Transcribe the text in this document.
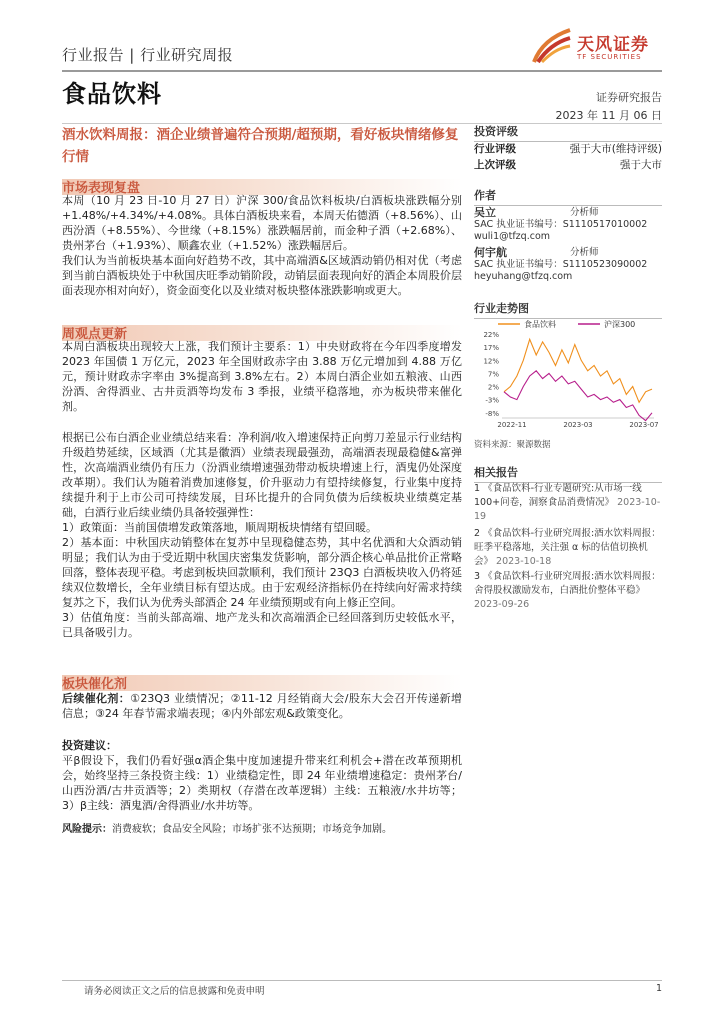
行业报告 | 行业研究周报	天风证券
TF SECURITIES
食品饮料	证券研究报告
2023 年 11 月 06 日
酒水饮料周报：酒企业绩普遍符合预期/超预期，看好板块情绪修复行情
市场表现复盘

本周（10 月 23 日-10 月 27 日）沪深 300/食品饮料板块/白酒板块涨跌幅分别+1.48%/+4.34%/+4.08%。具体白酒板块来看，本周天佑德酒（+8.56%）、山西汾酒（+8.55%）、今世缘（+8.15%）涨跌幅居前，而金种子酒（+2.68%）、贵州茅台（+1.93%）、顺鑫农业（+1.52%）涨跌幅居后。

我们认为当前板块基本面向好趋势不改，其中高端酒&区域酒动销仍相对优（考虑到当前白酒板块处于中秋国庆旺季动销阶段，动销层面表现向好的酒企本周股价层面表现亦相对向好），资金面变化以及业绩对板块整体涨跌影响或更大。

周观点更新

本周白酒板块出现较大上涨，我们预计主要系：1）中央财政将在今年四季度增发 2023 年国债 1 万亿元，2023 年全国财政赤字由 3.88 万亿元增加到 4.88 万亿元，预计财政赤字率由 3%提高到 3.8%左右。2）本周白酒企业如五粮液、山西汾酒、舍得酒业、古井贡酒等均发布 3 季报，业绩平稳落地，亦为板块带来催化剂。

根据已公布白酒企业业绩总结来看：净利润/收入增速保持正向剪刀差显示行业结构升级趋势延续，区域酒（尤其是徽酒）业绩表现最强劲，高端酒表现最稳健&富弹性，次高端酒业绩仍有压力（汾酒业绩增速强劲带动板块增速上行，酒鬼仍处深度改革期）。我们认为随着消费加速修复，价升驱动力有望持续修复，行业集中度持续提升利于上市公司可持续发展，目环比提升的合同负债为后续板块业绩奠定基础，白酒行业后续业绩仍具备较强弹性：

1）政策面：当前国债增发政策落地，顺周期板块情绪有望回暖。

2）基本面：中秋国庆动销整体在复苏中呈现稳健态势，其中名优酒和大众酒动销明显；我们认为由于受近期中秋国庆密集发货影响，部分酒企核心单品批价正常略回落，整体表现平稳。考虑到板块回款顺利，我们预计 23Q3 白酒板块收入仍将延续双位数增长，全年业绩目标有望达成。由于宏观经济指标仍在持续向好需求持续复苏之下，我们认为优秀头部酒企 24 年业绩预期或有向上修正空间。

3）估值角度：当前头部高端、地产龙头和次高端酒企已经回落到历史较低水平，已具备吸引力。

板块催化剂

后续催化剂：①23Q3 业绩情况；②11-12 月经销商大会/股东大会召开传递新增信息；③24 年春节需求端表现；④内外部宏观&政策变化。

投资建议：

平β假设下，我们仍看好强α酒企集中度加速提升带来红利机会+潜在改革预期机会，始终坚持三条投资主线：1）业绩稳定性，即 24 年业绩增速稳定：贵州茅台/山西汾酒/古井贡酒等；2）类期权（存潜在改革逻辑）主线：五粮液/水井坊等；3）β主线：酒鬼酒/舍得酒业/水井坊等。

风险提示：消费疲软；食品安全风险；市场扩张不达预期；市场竞争加剧。
投资评级
行业评级	强于大市(维持评级)
上次评级	强于大市
作者
吴立	分析师
SAC 执业证书编号：S1110517010002
wuli1@tfzq.com
何宇航	分析师
SAC 执业证书编号：S1110523090002
heyuhang@tfzq.com
行业走势图
食品饮料	沪深300
22%
17%
12%
7%
2%
-3%
-8%
2022-11	2023-03	2023-07
资料来源：聚源数据
相关报告
1 《食品饮料-行业专题研究:从市场一线 100+问卷，洞察食品消费情况》 2023-10-19
2 《食品饮料-行业研究周报:酒水饮料周报：旺季平稳落地，关注强 α 标的估值切换机会》 2023-10-18
3 《食品饮料-行业研究周报:酒水饮料周报：舍得股权激励发布，白酒批价整体平稳》 2023-09-26
请务必阅读正文之后的信息披露和免责申明	1
